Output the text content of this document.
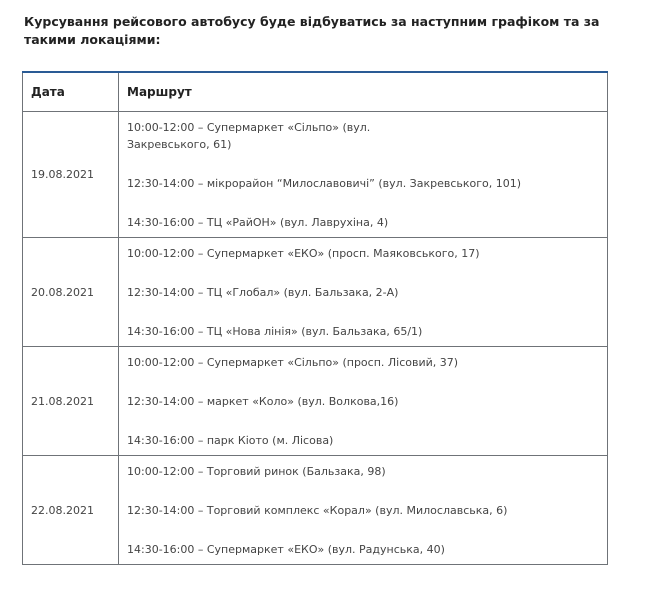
Курсування рейсового автобусу буде відбуватись за наступним графіком та за такими локаціями:

Дата	Маршрут
19.08.2021	10:00-12:00 – Супермаркет «Сільпо» (вул. Закревського, 61)
12:30-14:00 – мікрорайон “Милославовичі” (вул. Закревського, 101)
14:30-16:00 – ТЦ «РайОН» (вул. Лаврухіна, 4)

20.08.2021	10:00-12:00 – Супермаркет «ЕКО» (просп. Маяковського, 17)
12:30-14:00 – ТЦ «Глобал» (вул. Бальзака, 2-А)
14:30-16:00 – ТЦ «Нова лінія» (вул. Бальзака, 65/1)

21.08.2021	10:00-12:00 – Супермаркет «Сільпо» (просп. Лісовий, 37)
12:30-14:00 – маркет «Коло» (вул. Волкова,16)
14:30-16:00 – парк Кіото (м. Лісова)

22.08.2021	10:00-12:00 – Торговий ринок (Бальзака, 98)
12:30-14:00 – Торговий комплекс «Корал» (вул. Милославська, 6)
14:30-16:00 – Супермаркет «ЕКО» (вул. Радунська, 40)
